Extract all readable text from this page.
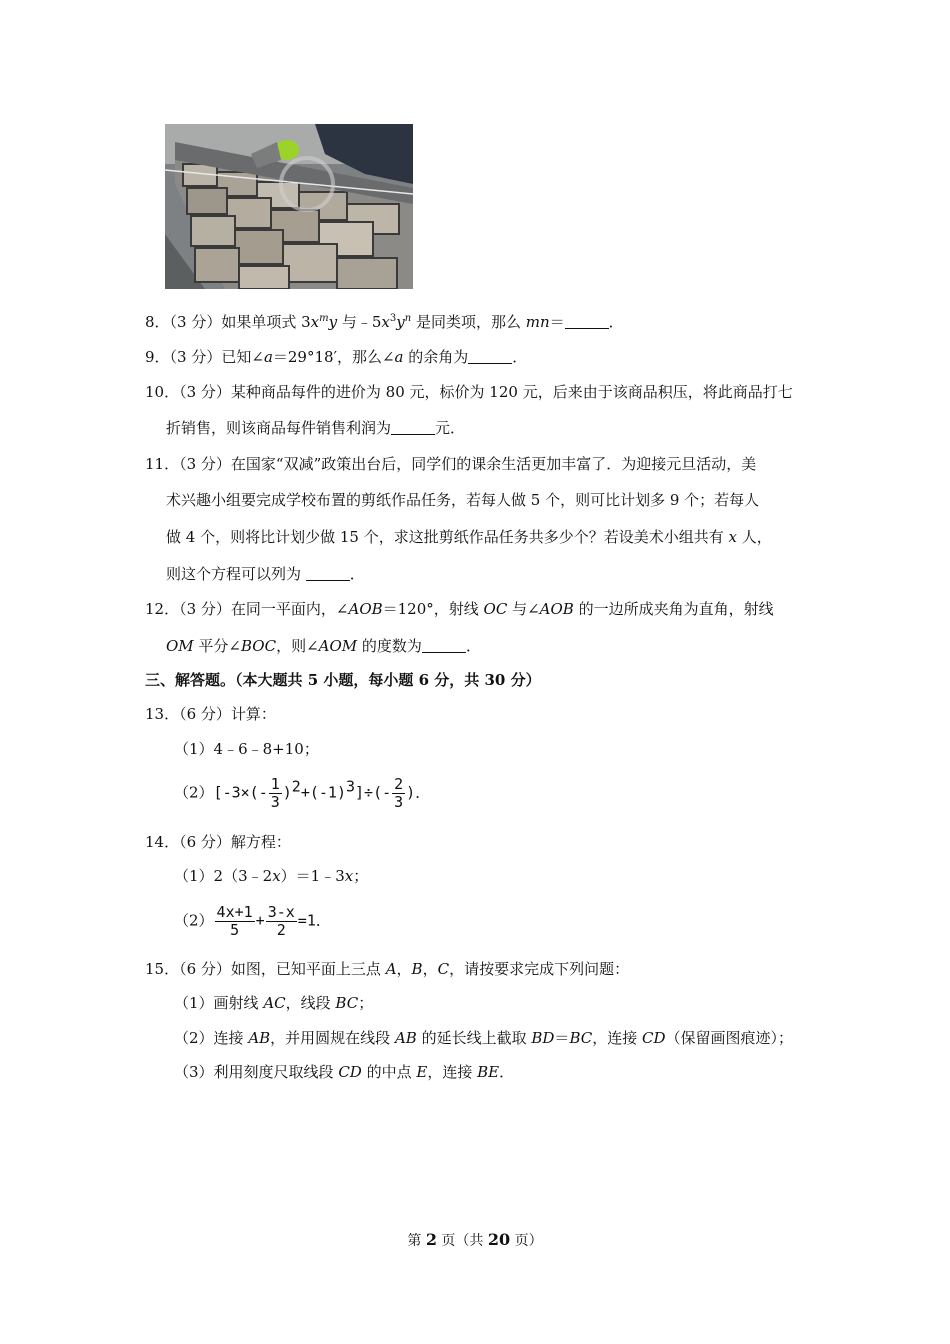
8．（3 分）如果单项式 $3x^my$ 与$﹣5x^3y^n$ 是同类项，那么 mn＝	．
9．（3 分）已知∠a＝29°18′，那么∠a 的余角为	．
10．（3 分）某种商品每件的进价为 80 元，标价为 120 元，后来由于该商品积压，将此商品打七
折销售，则该商品每件销售利润为	元．
11．（3 分）在国家“双减”政策出台后，同学们的课余生活更加丰富了．为迎接元旦活动，美
术兴趣小组要完成学校布置的剪纸作品任务，若每人做 5 个，则可比计划多 9 个；若每人
做 4 个，则将比计划少做 15 个，求这批剪纸作品任务共多少个？若设美术小组共有 x 人，
则这个方程可以列为	．
12．（3 分）在同一平面内，∠AOB＝120°，射线 OC 与∠AOB 的一边所成夹角为直角，射线
OM 平分∠BOC，则∠AOM 的度数为	．
三、解答题。（本大题共 5 小题，每小题 6 分，共 30 分）
13．（6 分）计算：
（1）4﹣6﹣8+10；
$(2)[-3\times(- \frac{1}{3} )^2+(-1)^3]\div(- \frac{2}{3}$ )．
14．（6 分）解方程：
（1）2（3﹣2x）＝1﹣3x；
$(2) \frac{4x+1}{5} + \frac{3-x}{2} =1$．
15．（6 分）如图，已知平面上三点 A，B，C，请按要求完成下列问题：
（1）画射线 AC，线段 BC；
（2）连接 AB，并用圆规在线段 AB 的延长线上截取 BD＝BC，连接 CD（保留画图痕迹）；
（3）利用刻度尺取线段 CD 的中点 E，连接 BE．
第 2 页（共 20 页）
